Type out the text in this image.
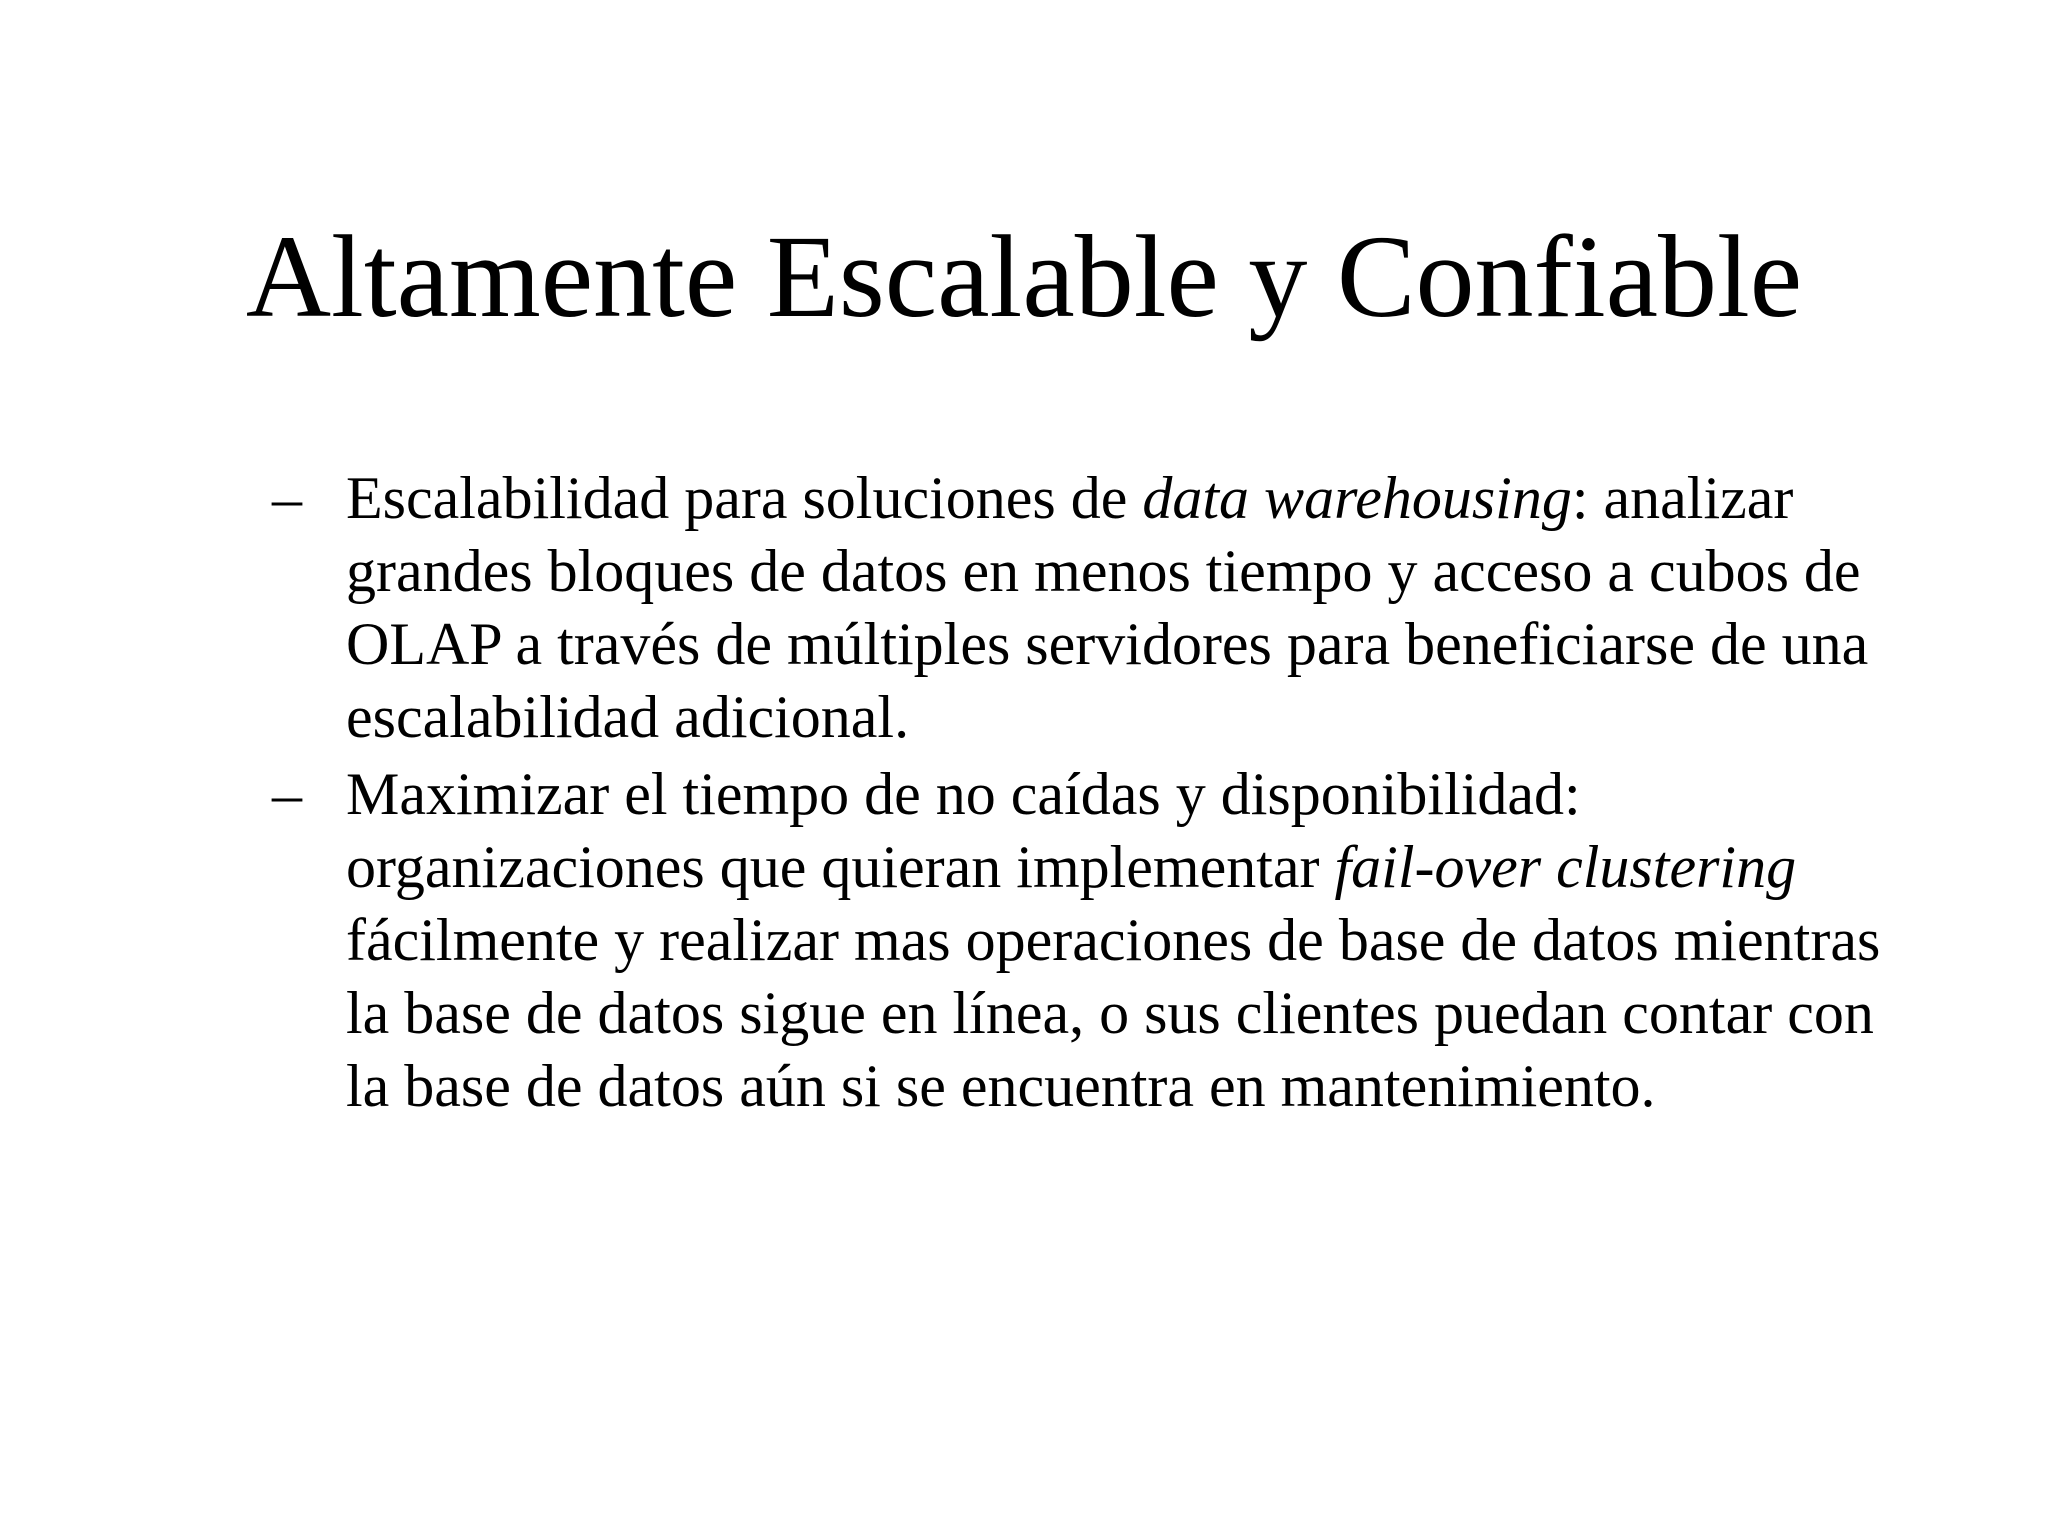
Altamente Escalable y Confiable
– Escalabilidad para soluciones de data warehousing: analizar grandes bloques de datos en menos tiempo y acceso a cubos de OLAP a través de múltiples servidores para beneficiarse de una escalabilidad adicional.
– Maximizar el tiempo de no caídas y disponibilidad: organizaciones que quieran implementar fail-over clustering fácilmente y realizar mas operaciones de base de datos mientras la base de datos sigue en línea, o sus clientes puedan contar con la base de datos aún si se encuentra en mantenimiento.
